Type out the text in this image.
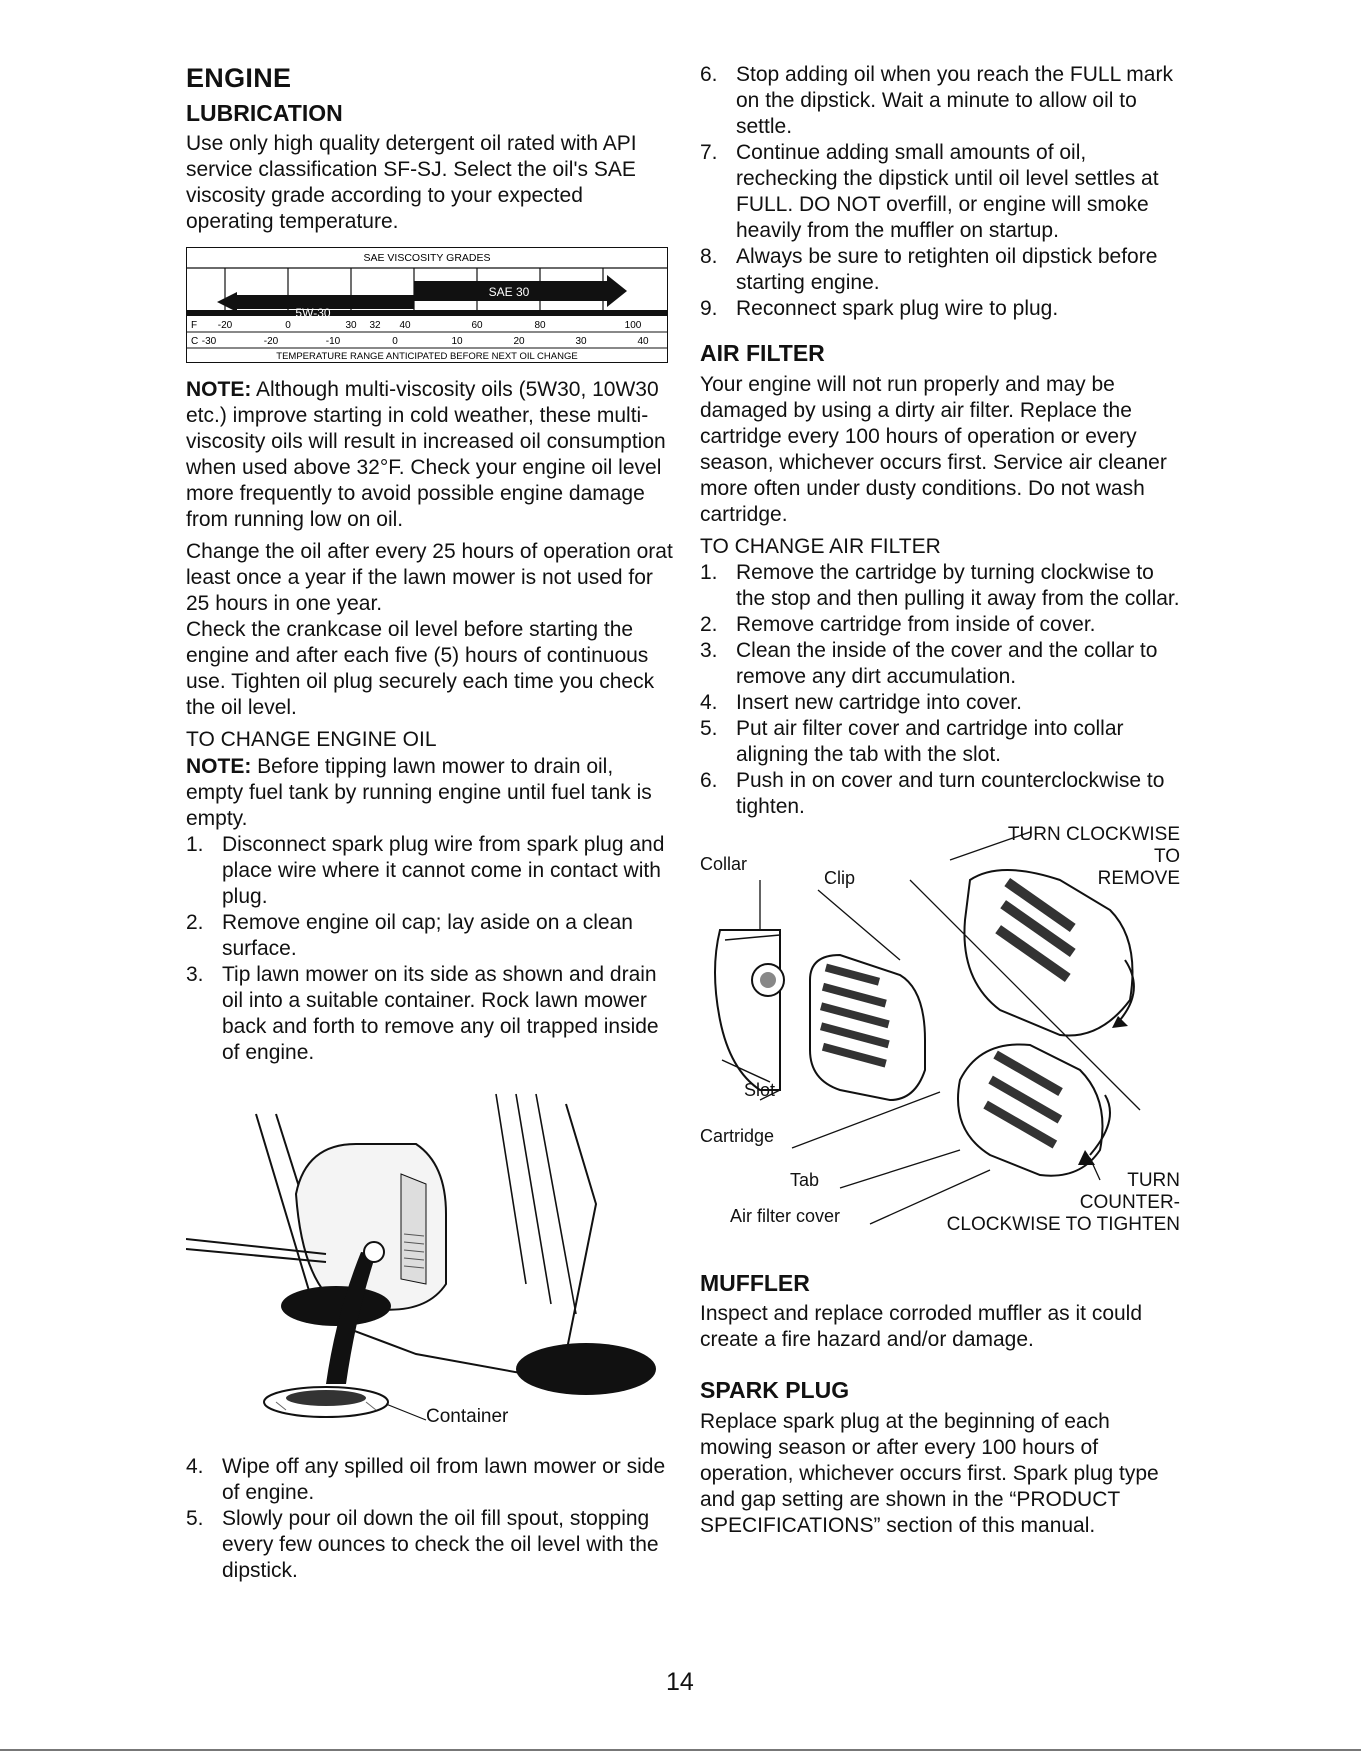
ENGINE
LUBRICATION

Use only high quality detergent oil rated with API service classification SF-SJ. Select the oil's SAE viscosity grade according to your expected operating temperature.

SAE VISCOSITY GRADES
SAE 30
F -20	0	30 32 40	60	80	100
C -30	-20	-10	0	10	20	30	40
TEMPERATURE RANGE ANTICIPATED BEFORE NEXT OIL CHANGE
5W-30

NOTE: Although multi-viscosity oils (5W30, 10W30 etc.) improve starting in cold weather, these multi-viscosity oils will result in increased oil consumption when used above 32°F. Check your engine oil level more frequently to avoid possible engine damage from running low on oil.

Change the oil after every 25 hours of operation orat least once a year if the lawn mower is not used for 25 hours in one year.

Check the crankcase oil level before starting the engine and after each five (5) hours of continuous use. Tighten oil plug securely each time you check the oil level.

TO CHANGE ENGINE OIL

NOTE: Before tipping lawn mower to drain oil, empty fuel tank by running engine until fuel tank is empty.

1. Disconnect spark plug wire from spark plug and place wire where it cannot come in contact with plug.
2. Remove engine oil cap; lay aside on a clean surface.
3. Tip lawn mower on its side as shown and drain oil into a suitable container. Rock lawn mower back and forth to remove any oil trapped inside of engine.
Container
4. Wipe off any spilled oil from lawn mower or side of engine.
5. Slowly pour oil down the oil fill spout, stopping every few ounces to check the oil level with the dipstick.
6. Stop adding oil when you reach the FULL mark on the dipstick. Wait a minute to allow oil to settle.
7. Continue adding small amounts of oil, rechecking the dipstick until oil level settles at FULL. DO NOT overfill, or engine will smoke heavily from the muffler on startup.
8. Always be sure to retighten oil dipstick before starting engine.
9. Reconnect spark plug wire to plug.
AIR FILTER

Your engine will not run properly and may be damaged by using a dirty air filter. Replace the cartridge every 100 hours of operation or every season, whichever occurs first. Service air cleaner more often under dusty conditions. Do not wash cartridge.

TO CHANGE AIR FILTER
1. Remove the cartridge by turning clockwise to the stop and then pulling it away from the collar.
2. Remove cartridge from inside of cover.
3. Clean the inside of the cover and the collar to remove any dirt accumulation.
4. Insert new cartridge into cover.
5. Put air filter cover and cartridge into collar aligning the tab with the slot.
6. Push in on cover and turn counterclockwise to tighten.
TURN CLOCKWISE
TO
REMOVE
Collar
Clip
Slot
Cartridge
Tab
Air filter cover
TURN
COUNTER-
CLOCKWISE TO TIGHTEN
MUFFLER

Inspect and replace corroded muffler as it could create a fire hazard and/or damage.

SPARK PLUG

Replace spark plug at the beginning of each mowing season or after every 100 hours of operation, whichever occurs first. Spark plug type and gap setting are shown in the “PRODUCT SPECIFICATIONS” section of this manual.

14
